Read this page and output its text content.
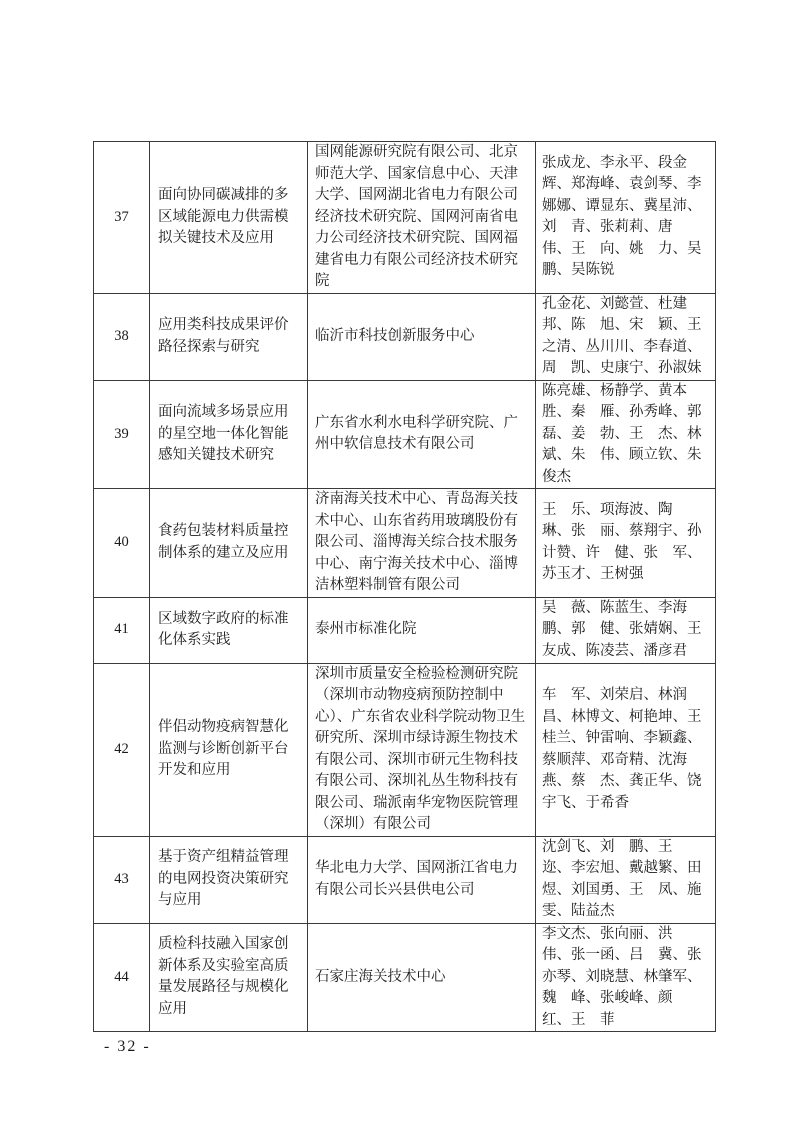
37	面向协同碳减排的多区域能源电力供需模拟关键技术及应用	国网能源研究院有限公司、北京师范大学、国家信息中心、天津大学、国网湖北省电力有限公司经济技术研究院、国网河南省电力公司经济技术研究院、国网福建省电力有限公司经济技术研究院	张成龙、李永平、段金辉、郑海峰、袁剑琴、李娜娜、谭显东、冀星沛、刘　青、张莉莉、唐　伟、王　向、姚　力、吴　鹏、吴陈锐

38	应用类科技成果评价路径探索与研究	临沂市科技创新服务中心	孔金花、刘懿萱、杜建邦、陈　旭、宋　颖、王之清、丛川川、李春道、周　凯、史康宁、孙淑妹

39	面向流域多场景应用的星空地一体化智能感知关键技术研究	广东省水利水电科学研究院、广州中软信息技术有限公司	陈亮雄、杨静学、黄本胜、秦　雁、孙秀峰、郭　磊、姜　勃、王　杰、林　斌、朱　伟、顾立钦、朱俊杰

40	食药包装材料质量控制体系的建立及应用	济南海关技术中心、青岛海关技术中心、山东省药用玻璃股份有限公司、淄博海关综合技术服务中心、南宁海关技术中心、淄博洁林塑料制管有限公司	王　乐、项海波、陶　琳、张　丽、蔡翔宇、孙计赞、许　健、张　军、苏玉才、王树强

41	区域数字政府的标准化体系实践	泰州市标准化院	吴　薇、陈蓝生、李海鹏、郭　健、张婧娴、王友成、陈凌芸、潘彦君

42	伴侣动物疫病智慧化监测与诊断创新平台开发和应用	深圳市质量安全检验检测研究院（深圳市动物疫病预防控制中心）、广东省农业科学院动物卫生研究所、深圳市绿诗源生物技术有限公司、深圳市研元生物科技有限公司、深圳礼丛生物科技有限公司、瑞派南华宠物医院管理（深圳）有限公司	车　军、刘荣启、林润昌、林博文、柯艳坤、王桂兰、钟雷响、李颖鑫、蔡顺萍、邓奇精、沈海燕、蔡　杰、龚正华、饶宇飞、于希香

43	基于资产组精益管理的电网投资决策研究与应用	华北电力大学、国网浙江省电力有限公司长兴县供电公司	沈剑飞、刘　鹏、王　迩、李宏旭、戴越繁、田　煜、刘国勇、王　凤、施　雯、陆益杰

44	质检科技融入国家创新体系及实验室高质量发展路径与规模化应用	石家庄海关技术中心	李文杰、张向丽、洪　伟、张一函、吕　冀、张亦琴、刘晓慧、林肇军、魏　峰、张峻峰、颜　红、王　菲
- 32 -
